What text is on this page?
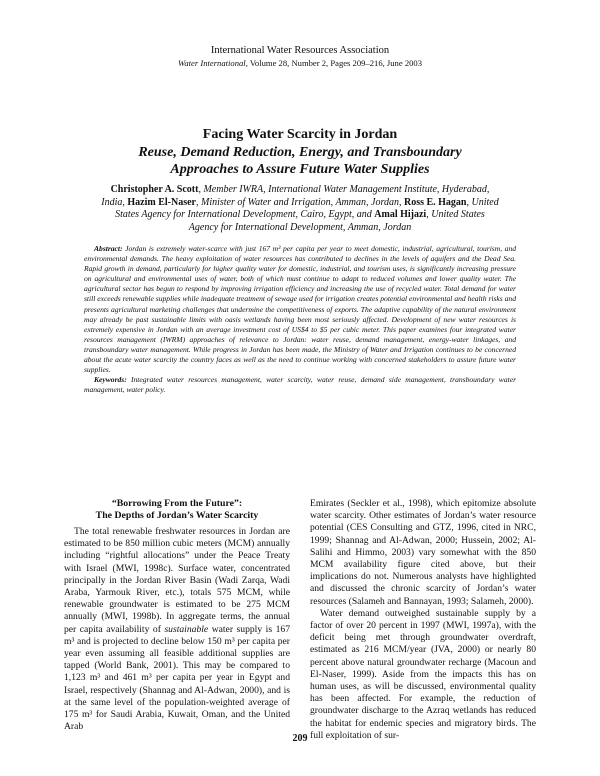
International Water Resources Association
Water International, Volume 28, Number 2, Pages 209–216, June 2003
Facing Water Scarcity in Jordan
Reuse, Demand Reduction, Energy, and Transboundary
Approaches to Assure Future Water Supplies
Christopher A. Scott, Member IWRA, International Water Management Institute, Hyderabad, India, Hazim El-Naser, Minister of Water and Irrigation, Amman, Jordan, Ross E. Hagan, United States Agency for International Development, Cairo, Egypt, and Amal Hijazi, United States Agency for International Development, Amman, Jordan

Abstract: Jordan is extremely water-scarce with just 167 m³ per capita per year to meet domestic, industrial, agricultural, tourism, and environmental demands. The heavy exploitation of water resources has contributed to declines in the levels of aquifers and the Dead Sea. Rapid growth in demand, particularly for higher quality water for domestic, industrial, and tourism uses, is significantly increasing pressure on agricultural and environmental uses of water, both of which must continue to adapt to reduced volumes and lower quality water. The agricultural sector has begun to respond by improving irrigation efficiency and increasing the use of recycled water. Total demand for water still exceeds renewable supplies while inadequate treatment of sewage used for irrigation creates potential environmental and health risks and presents agricultural marketing challenges that undermine the competitiveness of exports. The adaptive capability of the natural environment may already be past sustainable limits with oasis wetlands having been most seriously affected. Development of new water resources is extremely expensive in Jordan with an average investment cost of US$4 to $5 per cubic meter. This paper examines four integrated water resources management (IWRM) approaches of relevance to Jordan: water reuse, demand management, energy-water linkages, and transboundary water management. While progress in Jordan has been made, the Ministry of Water and Irrigation continues to be concerned about the acute water scarcity the country faces as well as the need to continue working with concerned stakeholders to assure future water supplies.

Keywords: Integrated water resources management, water scarcity, water reuse, demand side management, transboundary water management, water policy.

“Borrowing From the Future”:
The Depths of Jordan’s Water Scarcity

The total renewable freshwater resources in Jordan are estimated to be 850 million cubic meters (MCM) annually including “rightful allocations” under the Peace Treaty with Israel (MWI, 1998c). Surface water, concentrated principally in the Jordan River Basin (Wadi Zarqa, Wadi Araba, Yarmouk River, etc.), totals 575 MCM, while renewable groundwater is estimated to be 275 MCM annually (MWI, 1998b). In aggregate terms, the annual per capita availability of sustainable water supply is 167 m³ and is projected to decline below 150 m³ per capita per year even assuming all feasible additional supplies are tapped (World Bank, 2001). This may be compared to 1,123 m³ and 461 m³ per capita per year in Egypt and Israel, respectively (Shannag and Al-Adwan, 2000), and is at the same level of the population-weighted average of 175 m³ for Saudi Arabia, Kuwait, Oman, and the United Arab

Emirates (Seckler et al., 1998), which epitomize absolute water scarcity. Other estimates of Jordan’s water resource potential (CES Consulting and GTZ, 1996, cited in NRC, 1999; Shannag and Al-Adwan, 2000; Hussein, 2002; Al-Salihi and Himmo, 2003) vary somewhat with the 850 MCM availability figure cited above, but their implications do not. Numerous analysts have highlighted and discussed the chronic scarcity of Jordan’s water resources (Salameh and Bannayan, 1993; Salameh, 2000).

Water demand outweighed sustainable supply by a factor of over 20 percent in 1997 (MWI, 1997a), with the deficit being met through groundwater overdraft, estimated as 216 MCM/year (JVA, 2000) or nearly 80 percent above natural groundwater recharge (Macoun and El-Naser, 1999). Aside from the impacts this has on human uses, as will be discussed, environmental quality has been affected. For example, the reduction of groundwater discharge to the Azraq wetlands has reduced the habitat for endemic species and migratory birds. The full exploitation of sur-

209
